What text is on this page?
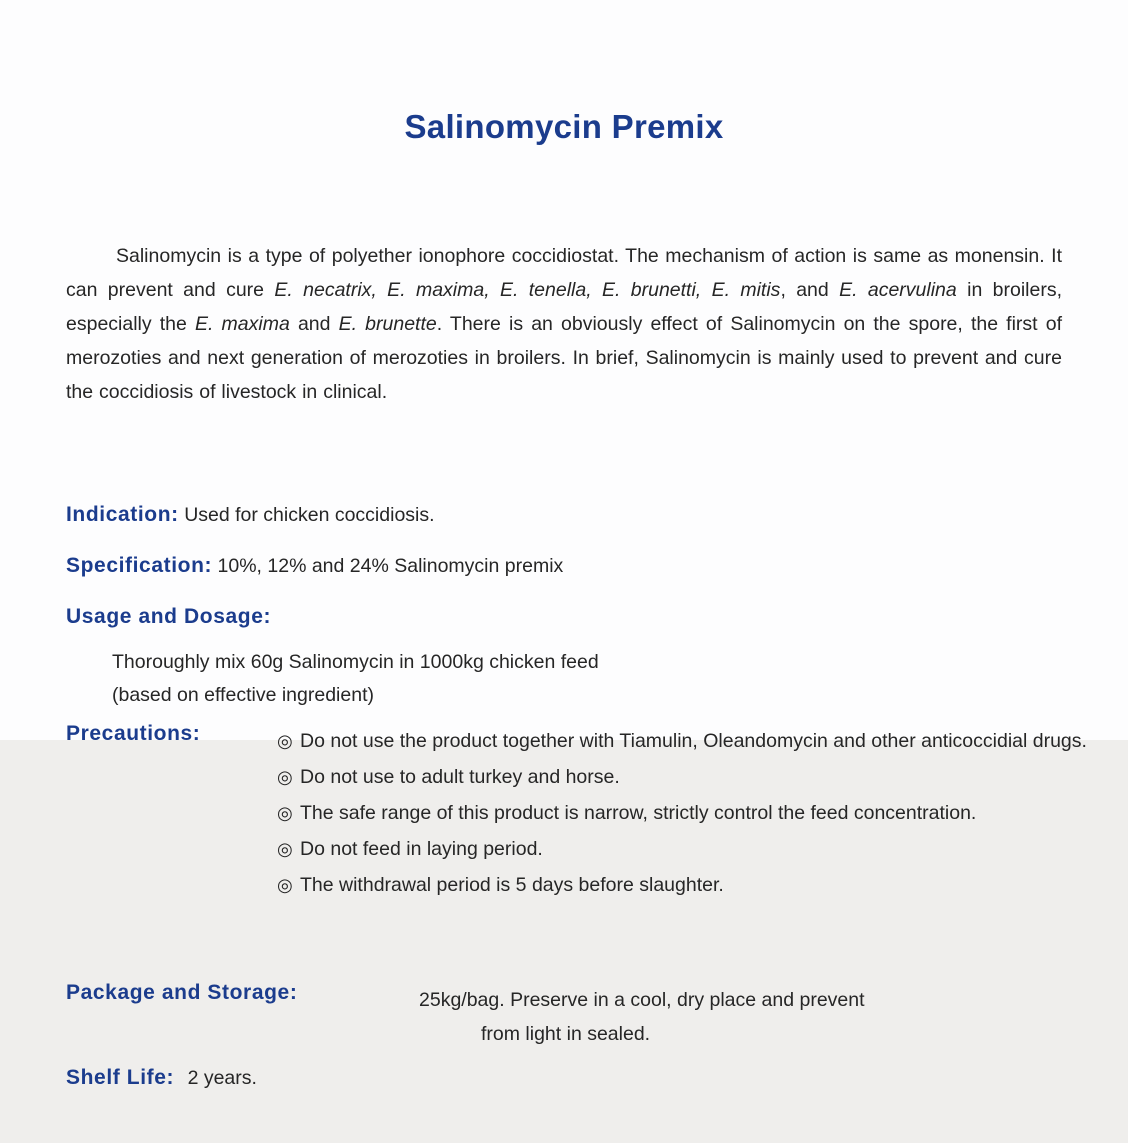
Salinomycin Premix

Salinomycin is a type of polyether ionophore coccidiostat. The mechanism of action is same as monensin. It can prevent and cure E. necatrix, E. maxima, E. tenella, E. brunetti, E. mitis, and E. acervulina in broilers, especially the E. maxima and E. brunette. There is an obviously effect of Salinomycin on the spore, the first of merozoties and next generation of merozoties in broilers. In brief, Salinomycin is mainly used to prevent and cure the coccidiosis of livestock in clinical.

Indication: Used for chicken coccidiosis.
Specification: 10%, 12% and 24% Salinomycin premix
Usage and Dosage:
Thoroughly mix 60g Salinomycin in 1000kg chicken feed
(based on effective ingredient)
Precautions:	◎ Do not use the product together with Tiamulin, Oleandomycin and other anticoccidial drugs.
◎ Do not use to adult turkey and horse.
◎ The safe range of this product is narrow, strictly control the feed concentration.
◎ Do not feed in laying period.
◎ The withdrawal period is 5 days before slaughter.
Package and Storage:	25kg/bag. Preserve in a cool, dry place and prevent
from light in sealed.
Shelf Life: 2 years.
